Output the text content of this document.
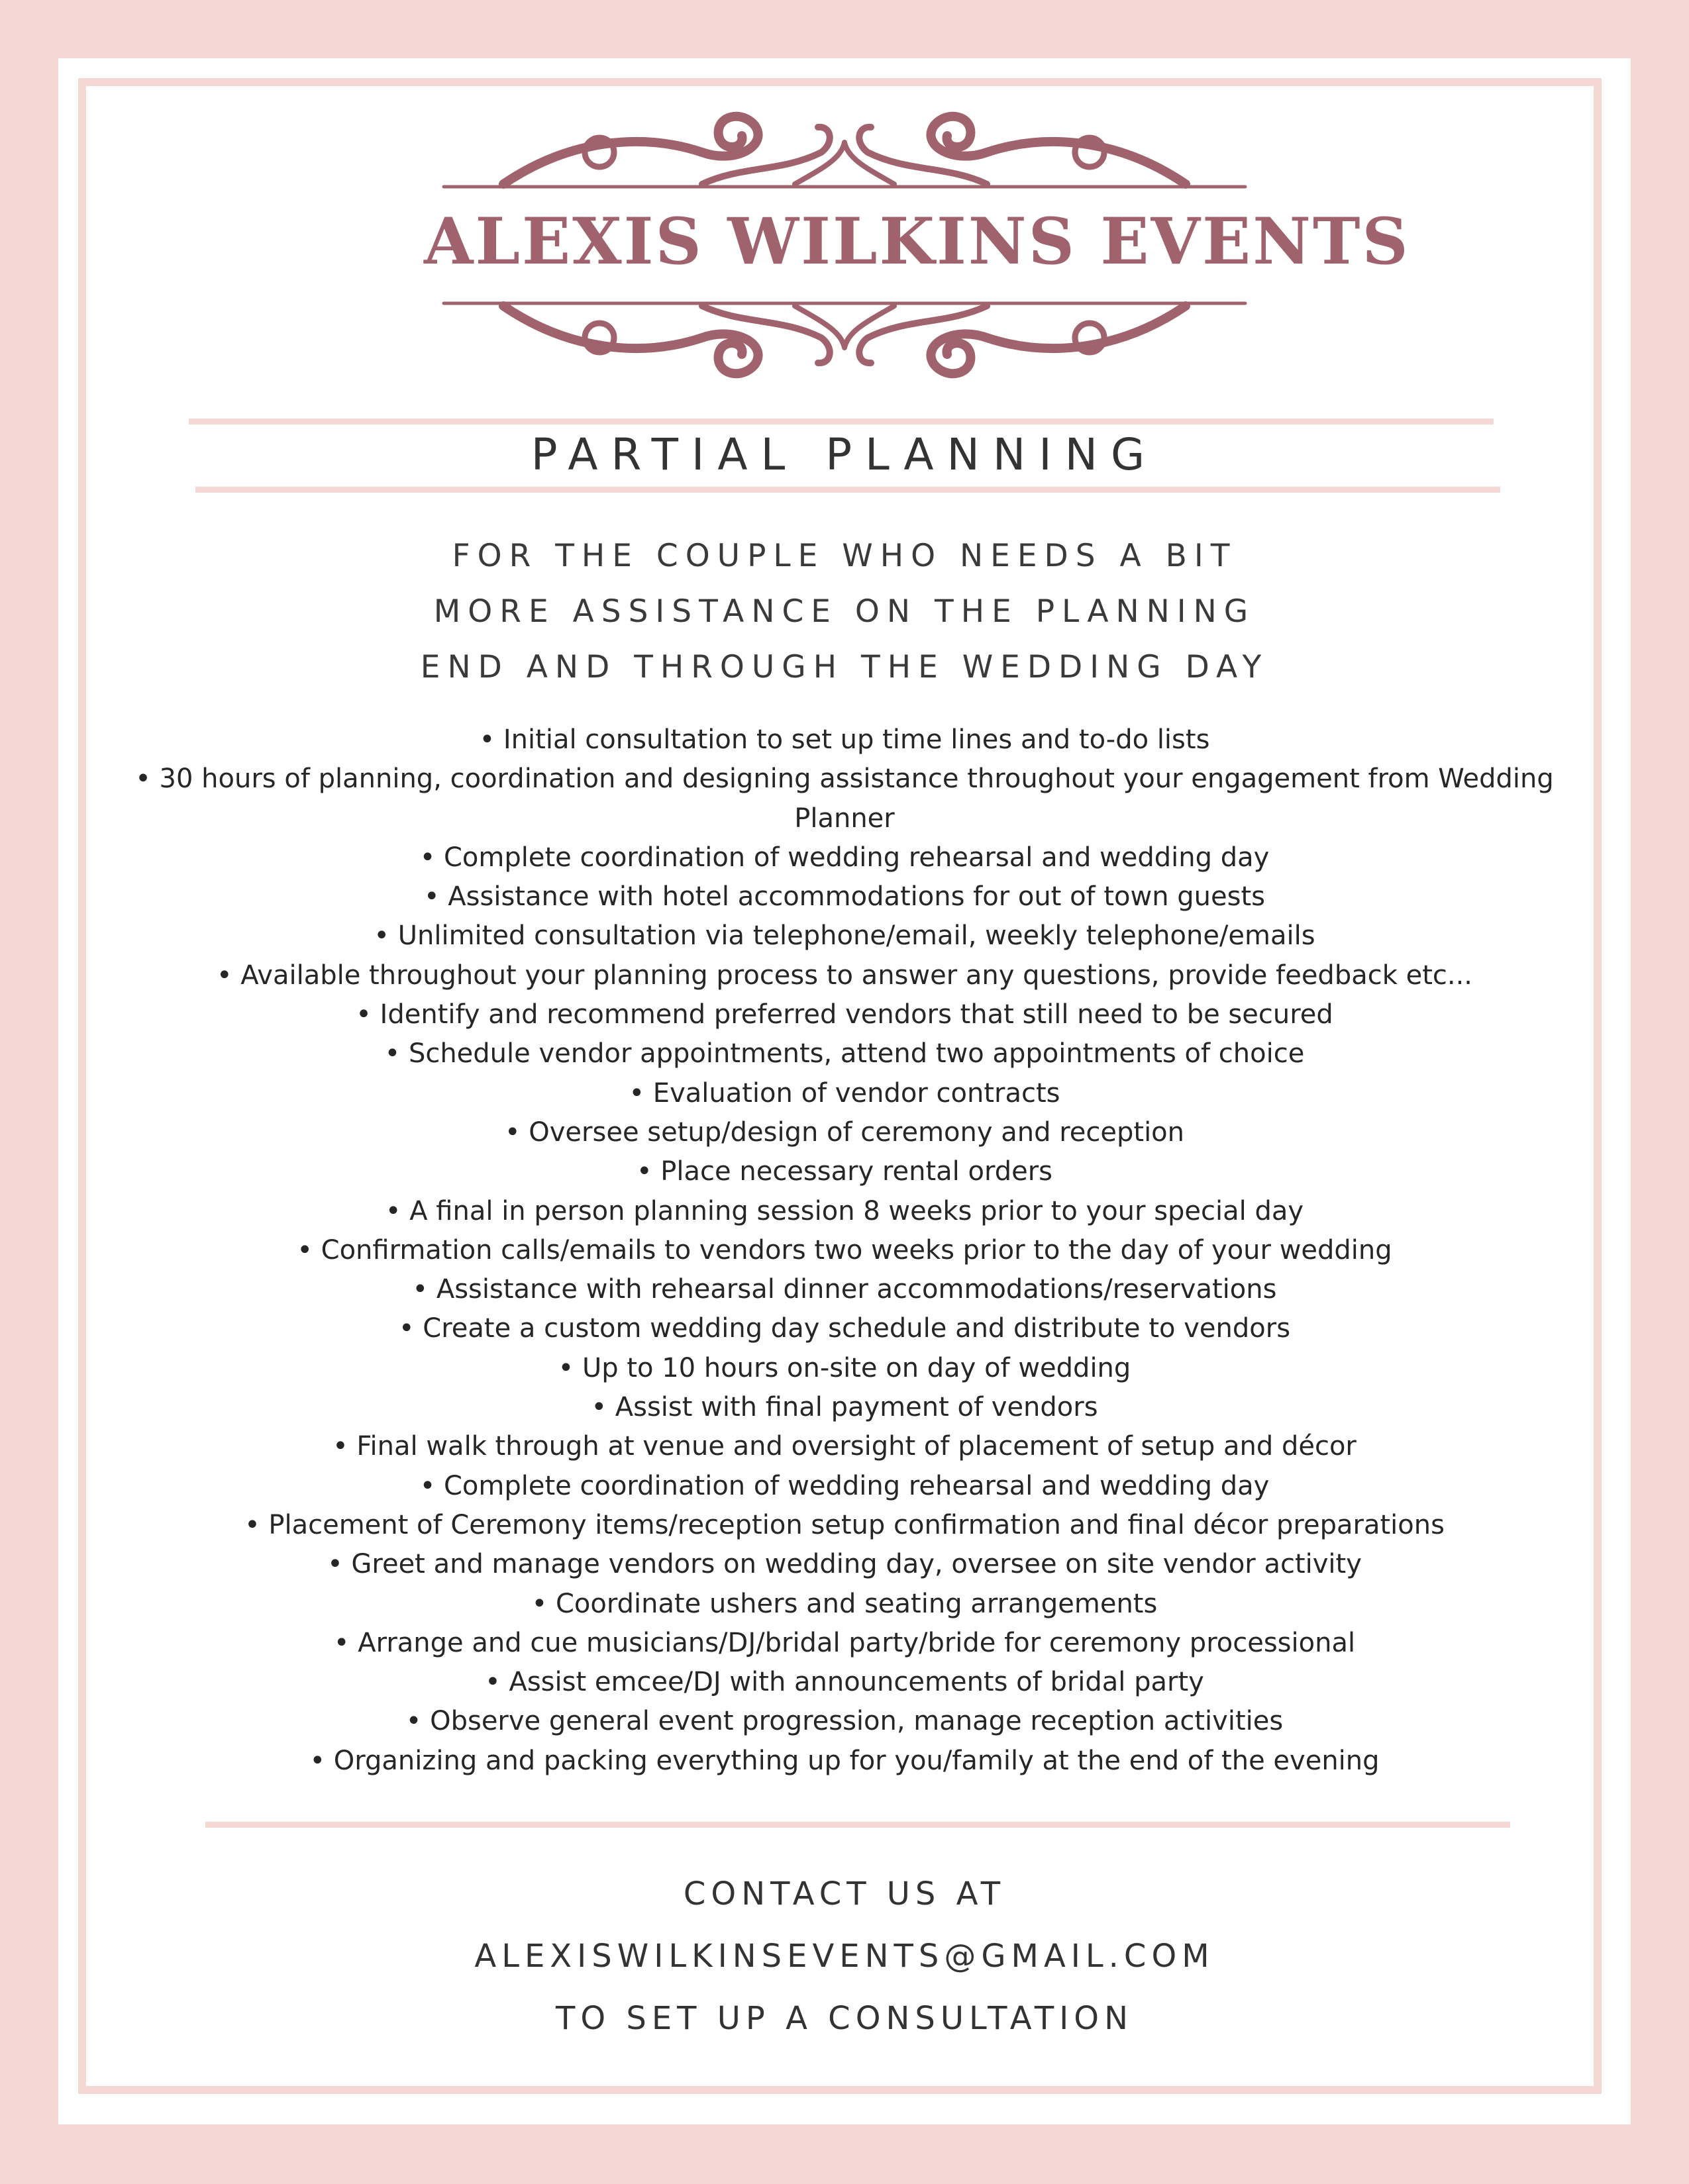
ALEXIS WILKINS EVENTS
PARTIAL PLANNING
FOR THE COUPLE WHO NEEDS A BIT
MORE ASSISTANCE ON THE PLANNING
END AND THROUGH THE WEDDING DAY
• Initial consultation to set up time lines and to-do lists
• 30 hours of planning, coordination and designing assistance throughout your engagement from Wedding Planner
• Complete coordination of wedding rehearsal and wedding day
• Assistance with hotel accommodations for out of town guests
• Unlimited consultation via telephone/email, weekly telephone/emails
• Available throughout your planning process to answer any questions, provide feedback etc...
• Identify and recommend preferred vendors that still need to be secured
• Schedule vendor appointments, attend two appointments of choice
• Evaluation of vendor contracts
• Oversee setup/design of ceremony and reception
• Place necessary rental orders
• A final in person planning session 8 weeks prior to your special day
• Confirmation calls/emails to vendors two weeks prior to the day of your wedding
• Assistance with rehearsal dinner accommodations/reservations
• Create a custom wedding day schedule and distribute to vendors
• Up to 10 hours on-site on day of wedding
• Assist with final payment of vendors
• Final walk through at venue and oversight of placement of setup and décor
• Complete coordination of wedding rehearsal and wedding day
• Placement of Ceremony items/reception setup confirmation and final décor preparations
• Greet and manage vendors on wedding day, oversee on site vendor activity
• Coordinate ushers and seating arrangements
• Arrange and cue musicians/DJ/bridal party/bride for ceremony processional
• Assist emcee/DJ with announcements of bridal party
• Observe general event progression, manage reception activities
• Organizing and packing everything up for you/family at the end of the evening
CONTACT US AT
ALEXISWILKINSEVENTS@GMAIL.COM
TO SET UP A CONSULTATION
